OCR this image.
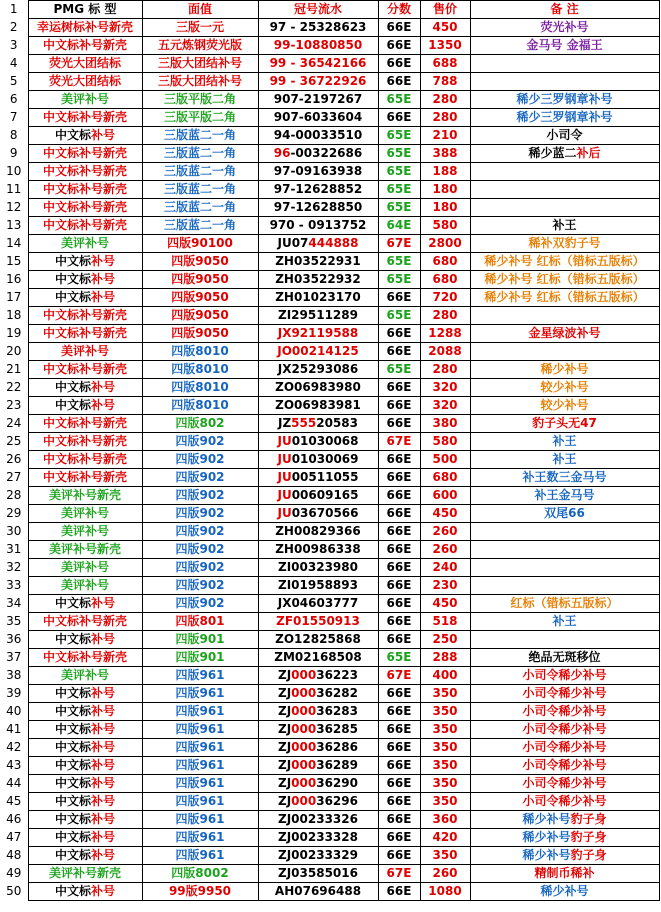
1	PMG 标 型	面值	冠号流水	分数	售价	备 注
2	幸运树标补号新壳	三版一元	97 - 25328623	66E	450	荧光补号
3	中文标补号新壳	五元炼钢荧光版	99-10880850	66E	1350	金马号 金福王
4	荧光大团结标	三版大团结补号	99 - 36542166	66E	688	
5	荧光大团结标	三版大团结补号	99 - 36722926	66E	788	
6	美评补号	三版平版二角	907-2197267	65E	280	稀少三罗钢章补号
7	中文标补号新壳	三版平版二角	907-6033604	66E	280	稀少三罗钢章补号
8	中文标补号	三版蓝二一角	94-00033510	65E	210	小司令
9	中文标补号新壳	三版蓝二一角	96-00322686	65E	388	稀少蓝二补后
10	中文标补号新壳	三版蓝二一角	97-09163938	65E	188	
11	中文标补号新壳	三版蓝二一角	97-12628852	65E	180	
12	中文标补号新壳	三版蓝二一角	97-12628850	65E	180	
13	中文标补号新壳	三版蓝二一角	970 - 0913752	64E	580	补王
14	美评补号	四版90100	JU07444888	67E	2800	稀补双豹子号
15	中文标补号	四版9050	ZH03522931	65E	680	稀少补号 红标（错标五版标）
16	中文标补号	四版9050	ZH03522932	65E	680	稀少补号 红标（错标五版标）
17	中文标补号	四版9050	ZH01023170	66E	720	稀少补号 红标（错标五版标）
18	中文标补号新壳	四版9050	ZI29511289	65E	280	
19	中文标补号新壳	四版9050	JX92119588	66E	1288	金星绿波补号
20	美评补号	四版8010	JO00214125	66E	2088	
21	中文标补号新壳	四版8010	JX25293086	65E	280	稀少补号
22	中文标补号	四版8010	ZO06983980	66E	320	较少补号
23	中文标补号	四版8010	ZO06983981	66E	320	较少补号
24	中文标补号新壳	四版802	JZ55520583	66E	380	豹子头无47
25	中文标补号新壳	四版902	JU01030068	67E	580	补王
26	中文标补号新壳	四版902	JU01030069	66E	500	补王
27	中文标补号新壳	四版902	JU00511055	66E	680	补王数三金马号
28	美评补号新壳	四版902	JU00609165	66E	600	补王金马号
29	美评补号	四版902	JU03670566	66E	450	双尾66
30	美评补号	四版902	ZH00829366	66E	260	
31	美评补号新壳	四版902	ZH00986338	66E	260	
32	美评补号	四版902	ZI00323980	66E	240	
33	美评补号	四版902	ZI01958893	66E	230	
34	中文标补号	四版902	JX04603777	66E	450	红标（错标五版标）
35	中文标补号新壳	四版801	ZF01550913	66E	518	补王
36	中文标补号	四版901	ZO12825868	66E	250	
37	中文标补号新壳	四版901	ZM02168508	65E	288	绝品无斑移位
38	美评补号	四版961	ZJ00036223	67E	400	小司令稀少补号
39	中文标补号	四版961	ZJ00036282	66E	350	小司令稀少补号
40	中文标补号	四版961	ZJ00036283	66E	350	小司令稀少补号
41	中文标补号	四版961	ZJ00036285	66E	350	小司令稀少补号
42	中文标补号	四版961	ZJ00036286	66E	350	小司令稀少补号
43	中文标补号	四版961	ZJ00036289	66E	350	小司令稀少补号
44	中文标补号	四版961	ZJ00036290	66E	350	小司令稀少补号
45	中文标补号	四版961	ZJ00036296	66E	350	小司令稀少补号
46	中文标补号	四版961	ZJ00233326	66E	360	稀少补号豹子身
47	中文标补号	四版961	ZJ00233328	66E	420	稀少补号豹子身
48	中文标补号	四版961	ZJ00233329	66E	350	稀少补号豹子身
49	美评补号新壳	四版8002	ZJ03585016	67E	260	精制币稀补
50	中文标补号	99版9950	AH07696488	66E	1080	稀少补号
